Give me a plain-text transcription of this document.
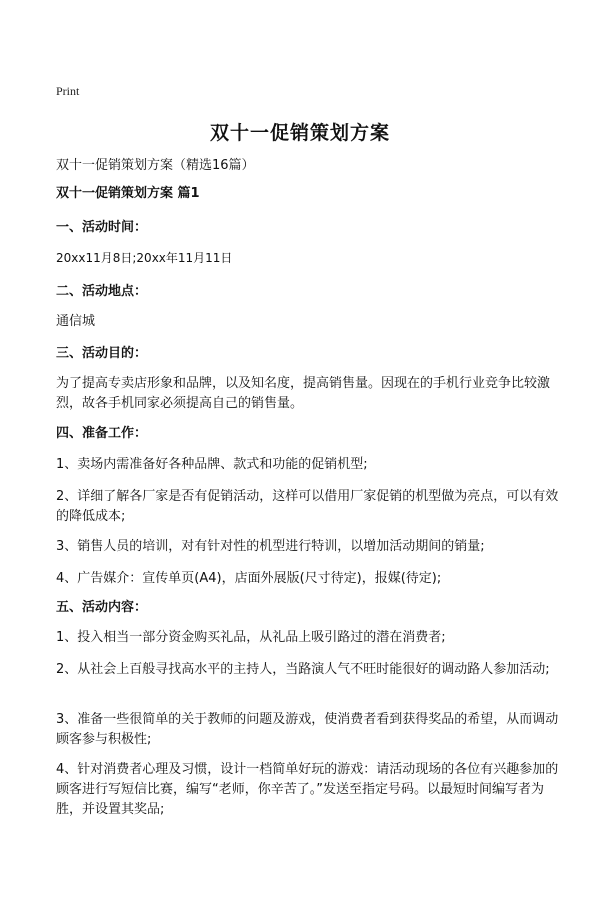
Print
双十一促销策划方案
双十一促销策划方案（精选16篇）
双十一促销策划方案 篇1
一、活动时间：
20xx11月8日;20xx年11月11日
二、活动地点：
通信城
三、活动目的：
为了提高专卖店形象和品牌，以及知名度，提高销售量。因现在的手机行业竞争比较激烈，故各手机同家必须提高自己的销售量。
四、准备工作：
1、卖场内需准备好各种品牌、款式和功能的促销机型;
2、详细了解各厂家是否有促销活动，这样可以借用厂家促销的机型做为亮点，可以有效的降低成本;
3、销售人员的培训，对有针对性的机型进行特训，以增加活动期间的销量;
4、广告媒介：宣传单页(A4)，店面外展版(尺寸待定)，报媒(待定);
五、活动内容：
1、投入相当一部分资金购买礼品，从礼品上吸引路过的潜在消费者;
2、从社会上百般寻找高水平的主持人，当路演人气不旺时能很好的调动路人参加活动;
3、准备一些很简单的关于教师的问题及游戏，使消费者看到获得奖品的希望，从而调动顾客参与积极性;
4、针对消费者心理及习惯，设计一档简单好玩的游戏：请活动现场的各位有兴趣参加的顾客进行写短信比赛，编写“老师，你辛苦了。”发送至指定号码。以最短时间编写者为胜，并设置其奖品;
